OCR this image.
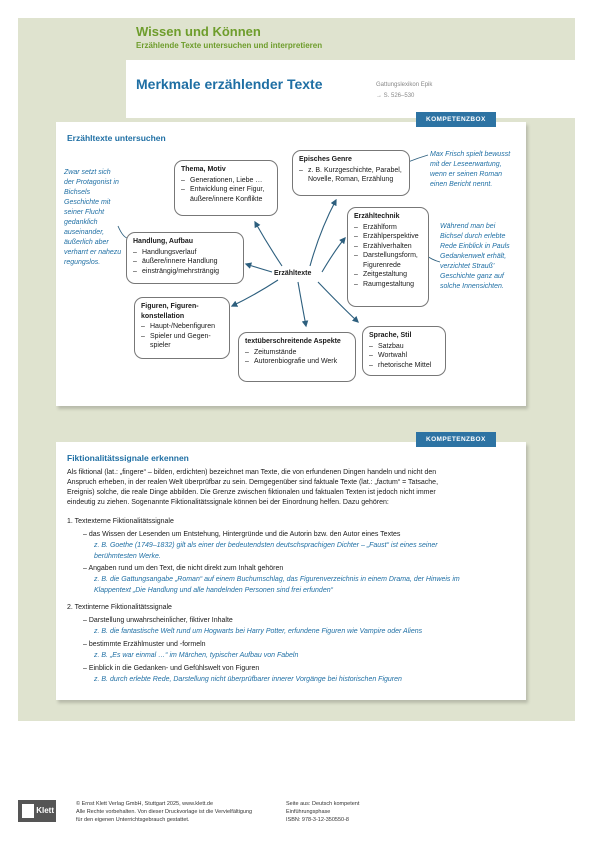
Wissen und Können
Erzählende Texte untersuchen und interpretieren
Merkmale erzählender Texte	Gattungslexikon Epik
→ S. 526–530
KOMPETENZBOX
Erzähltexte untersuchen
Thema, Motiv
– Generationen, Liebe …
– Entwicklung einer Figur, äußere/innere Konflikte
Episches Genre
– z. B. Kurzgeschichte, Parabel, Novelle, Roman, Erzählung
Erzähltechnik
– Erzählform
– Erzählperspektive
– Erzählverhalten
– Darstellungsform, Figurenrede
– Zeitgestaltung
– Raumgestaltung
Handlung, Aufbau
– Handlungsverlauf
– äußere/innere Handlung
– einsträngig/mehrsträngig	Erzähltexte
Figuren, Figuren-konstellation
– Haupt-/Nebenfiguren
– Spieler und Gegen-spieler
textüberschreitende Aspekte
– Zeitumstände
– Autorenbiografie und Werk
Sprache, Stil
– Satzbau
– Wortwahl
– rhetorische Mittel
Zwar setzt sich der Protagonist in Bichsels Geschichte mit seiner Flucht gedanklich auseinander, äußerlich aber verharrt er nahezu regungslos.
Max Frisch spielt bewusst mit der Leseerwartung, wenn er seinen Roman einen Bericht nennt.
Während man bei Bichsel durch erlebte Rede Einblick in Pauls Gedankenwelt erhält, verzichtet Strauß’ Geschichte ganz auf solche Innensichten.
KOMPETENZBOX
Fiktionalitätssignale erkennen
Als fiktional (lat.: „fingere“ – bilden, erdichten) bezeichnet man Texte, die von erfundenen Dingen handeln und nicht den
Anspruch erheben, in der realen Welt überprüfbar zu sein. Demgegenüber sind faktuale Texte (lat.: „factum“ = Tatsache,
Ereignis) solche, die reale Dinge abbilden. Die Grenze zwischen fiktionalen und faktualen Texten ist jedoch nicht immer
eindeutig zu ziehen. Sogenannte Fiktionalitätssignale können bei der Einordnung helfen. Dazu gehören:
1. Textexterne Fiktionalitätssignale
– das Wissen der Lesenden um Entstehung, Hintergründe und die Autorin bzw. den Autor eines Textes
z. B. Goethe (1749–1832) gilt als einer der bedeutendsten deutschsprachigen Dichter – „Faust“ ist eines seiner
berühmtesten Werke.
– Angaben rund um den Text, die nicht direkt zum Inhalt gehören
z. B. die Gattungsangabe „Roman“ auf einem Buchumschlag, das Figurenverzeichnis in einem Drama, der Hinweis im
Klappentext „Die Handlung und alle handelnden Personen sind frei erfunden“
2. Textinterne Fiktionalitätssignale
– Darstellung unwahrscheinlicher, fiktiver Inhalte
z. B. die fantastische Welt rund um Hogwarts bei Harry Potter, erfundene Figuren wie Vampire oder Aliens
– bestimmte Erzählmuster und -formeln
z. B. „Es war einmal …“ im Märchen, typischer Aufbau von Fabeln
– Einblick in die Gedanken- und Gefühlswelt von Figuren
z. B. durch erlebte Rede, Darstellung nicht überprüfbarer innerer Vorgänge bei historischen Figuren
Klett
© Ernst Klett Verlag GmbH, Stuttgart 2025, www.klett.de
Alle Rechte vorbehalten. Von dieser Druckvorlage ist die Vervielfältigung
für den eigenen Unterrichtsgebrauch gestattet.
Seite aus: Deutsch kompetent
Einführungsphase
ISBN: 978-3-12-350550-8
